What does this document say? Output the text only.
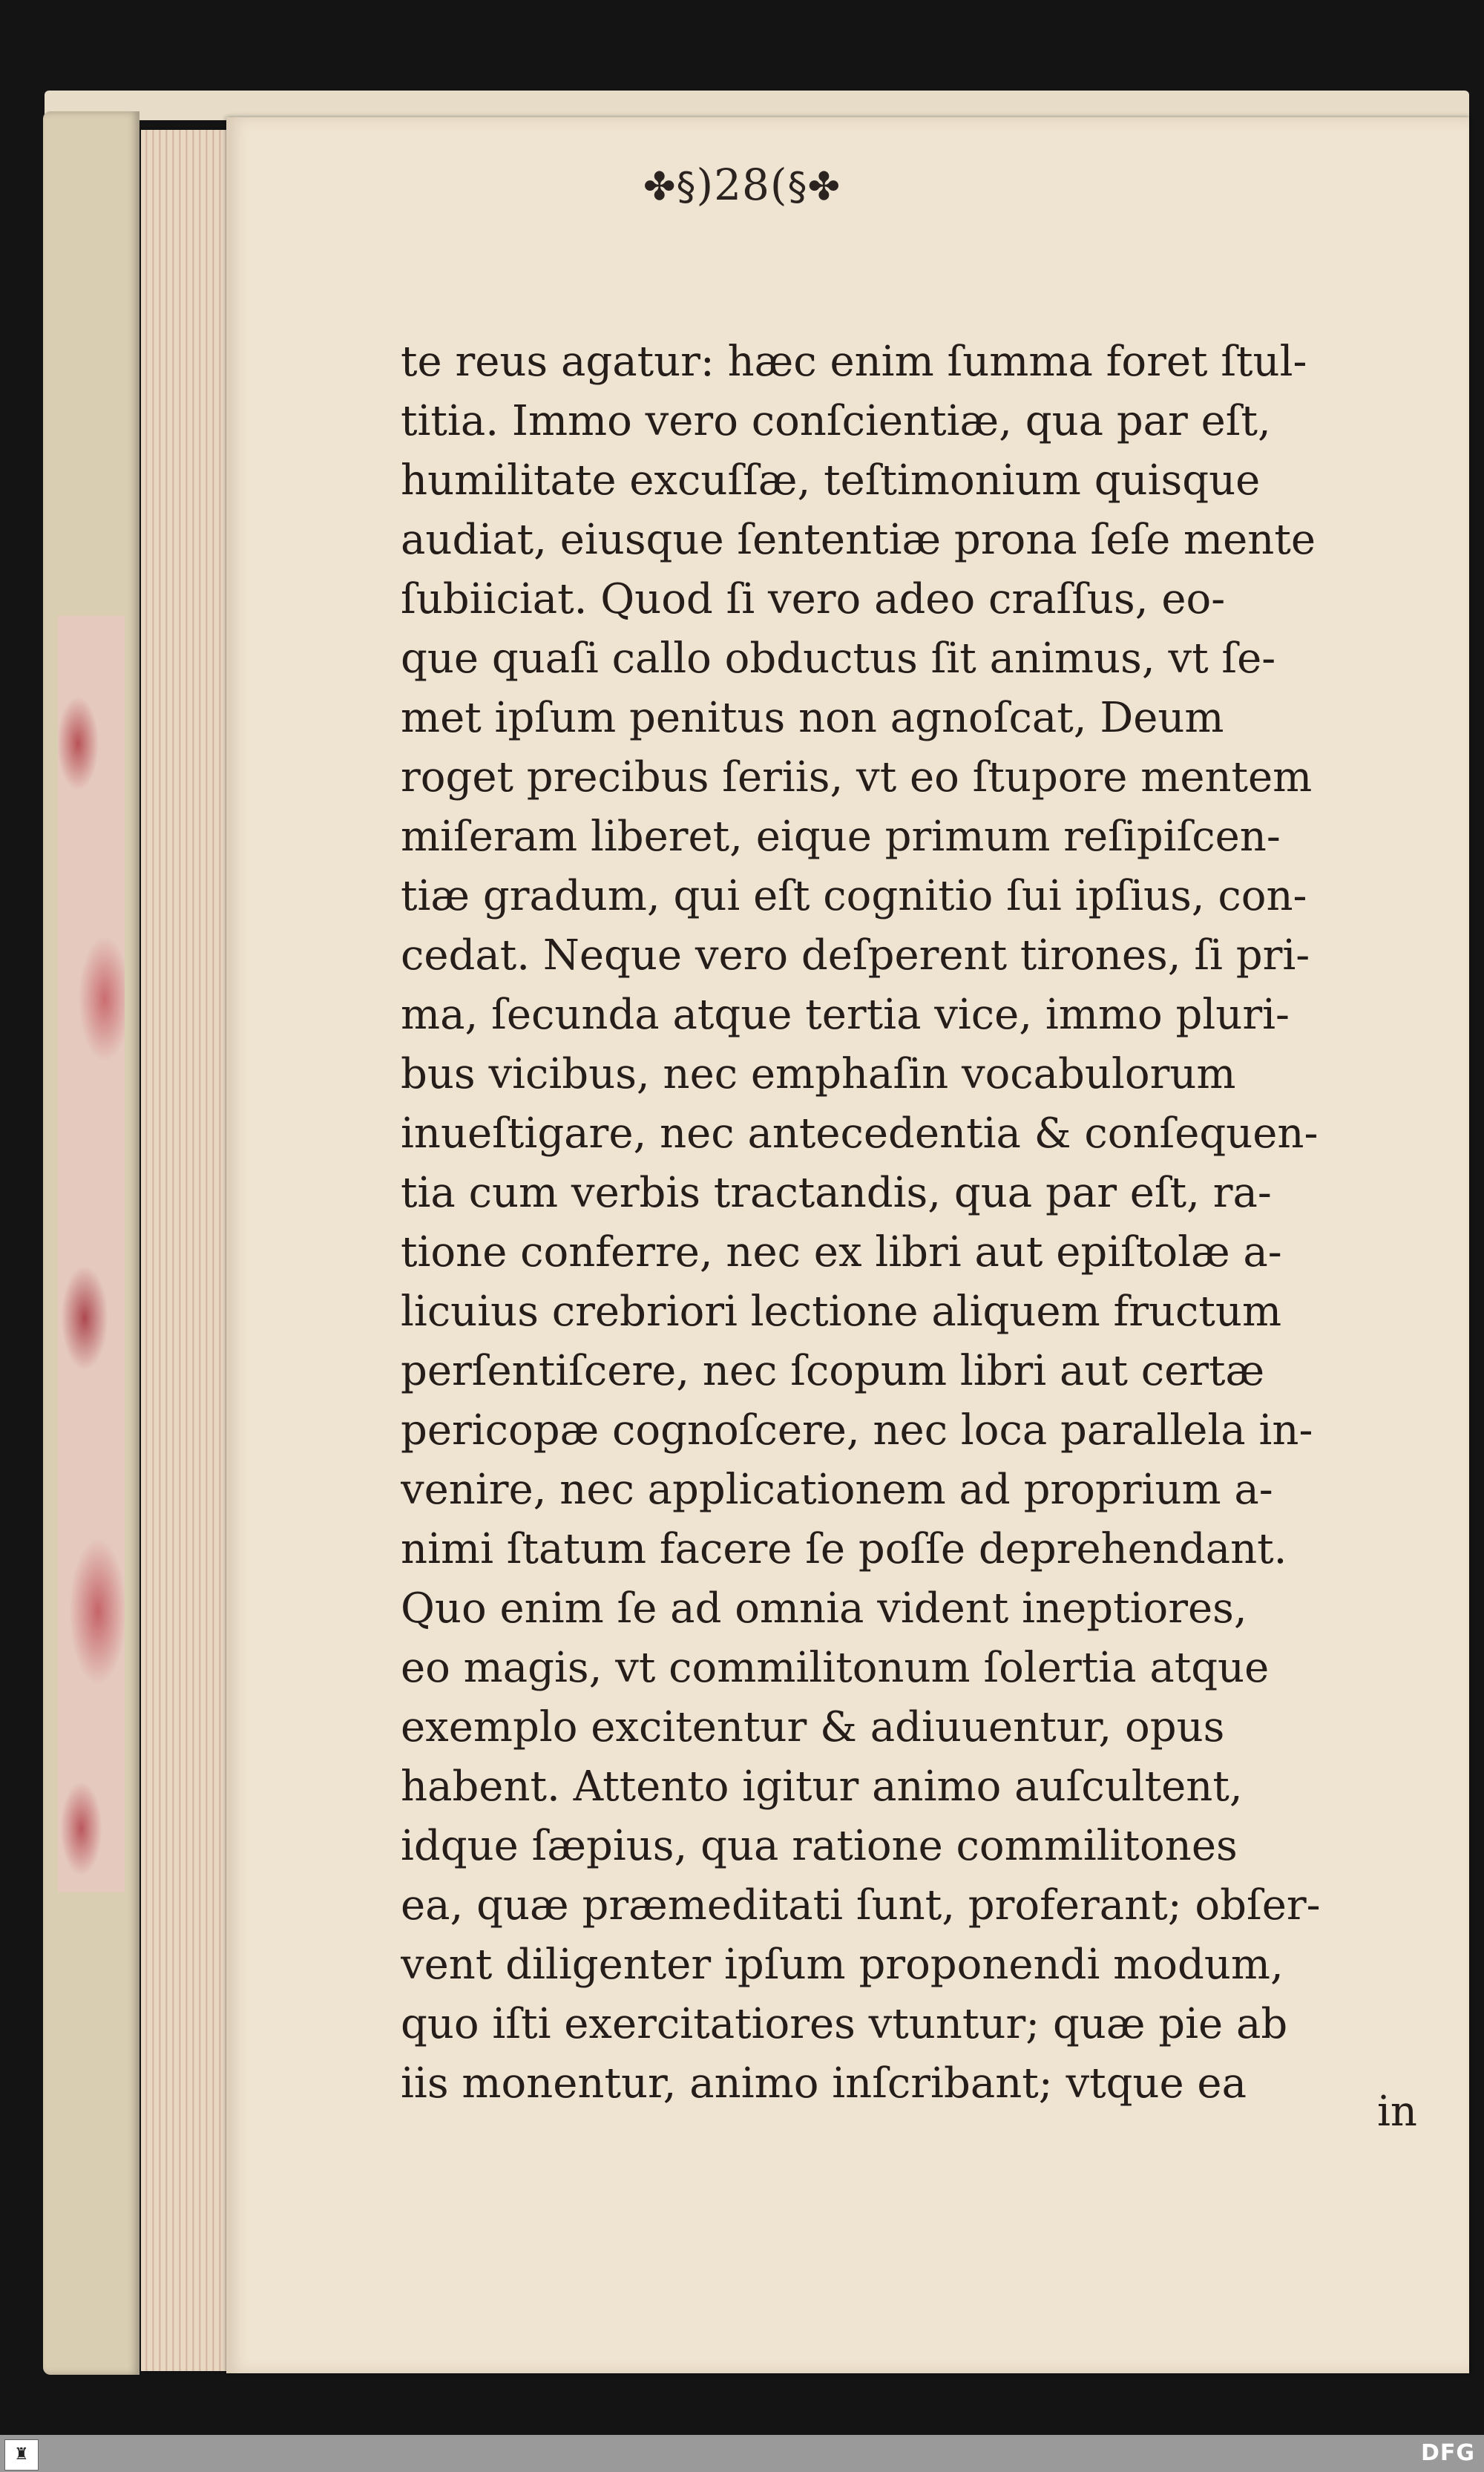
✤§)28(§✤
te reus agatur: hæc enim ſumma foret ſtul-
titia. Immo vero conſcientiæ, qua par eſt,
humilitate excuſſæ, teſtimonium quisque
audiat, eiusque ſententiæ prona ſeſe mente
ſubiiciat. Quod ſi vero adeo craſſus, eo-
que quaſi callo obductus ſit animus, vt ſe-
met ipſum penitus non agnoſcat, Deum
roget precibus ſeriis, vt eo ſtupore mentem
miſeram liberet, eique primum reſipiſcen-
tiæ gradum, qui eſt cognitio ſui ipſius, con-
cedat. Neque vero deſperent tirones, ſi pri-
ma, ſecunda atque tertia vice, immo pluri-
bus vicibus, nec emphaſin vocabulorum
inueſtigare, nec antecedentia & conſequen-
tia cum verbis tractandis, qua par eſt, ra-
tione conferre, nec ex libri aut epiſtolæ a-
licuius crebriori lectione aliquem fructum
perſentiſcere, nec ſcopum libri aut certæ
pericopæ cognoſcere, nec loca parallela in-
venire, nec applicationem ad proprium a-
nimi ſtatum facere ſe poſſe deprehendant.
Quo enim ſe ad omnia vident ineptiores,
eo magis, vt commilitonum ſolertia atque
exemplo excitentur & adiuuentur, opus
habent. Attento igitur animo auſcultent,
idque ſæpius, qua ratione commilitones
ea, quæ præmeditati ſunt, proferant; obſer-
vent diligenter ipſum proponendi modum,
quo iſti exercitatiores vtuntur; quæ pie ab
iis monentur, animo inſcribant; vtque ea
in
♜	DFG
